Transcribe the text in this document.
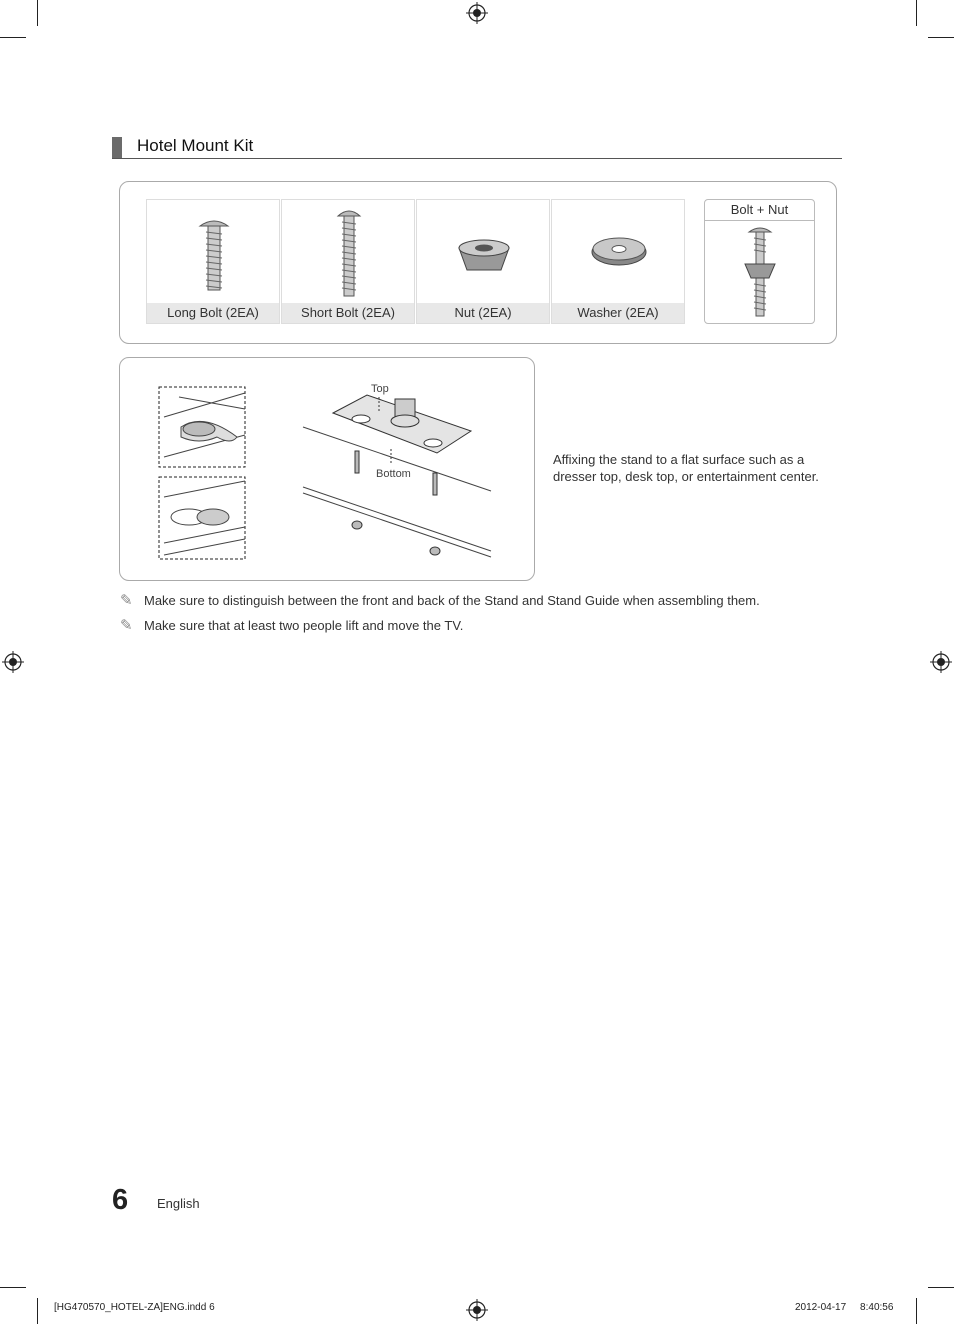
Hotel Mount Kit
Long Bolt (2EA)	Short Bolt (2EA)	Nut (2EA)	Washer (2EA)
Bolt + Nut
Top
Bottom
Affixing the stand to a flat surface such as a dresser top, desk top, or entertainment center.
✎ Make sure to distinguish between the front and back of the Stand and Stand Guide when assembling them.
✎ Make sure that at least two people lift and move the TV.
6 English
[HG470570_HOTEL-ZA]ENG.indd 6	2012-04-17     8:40:56
